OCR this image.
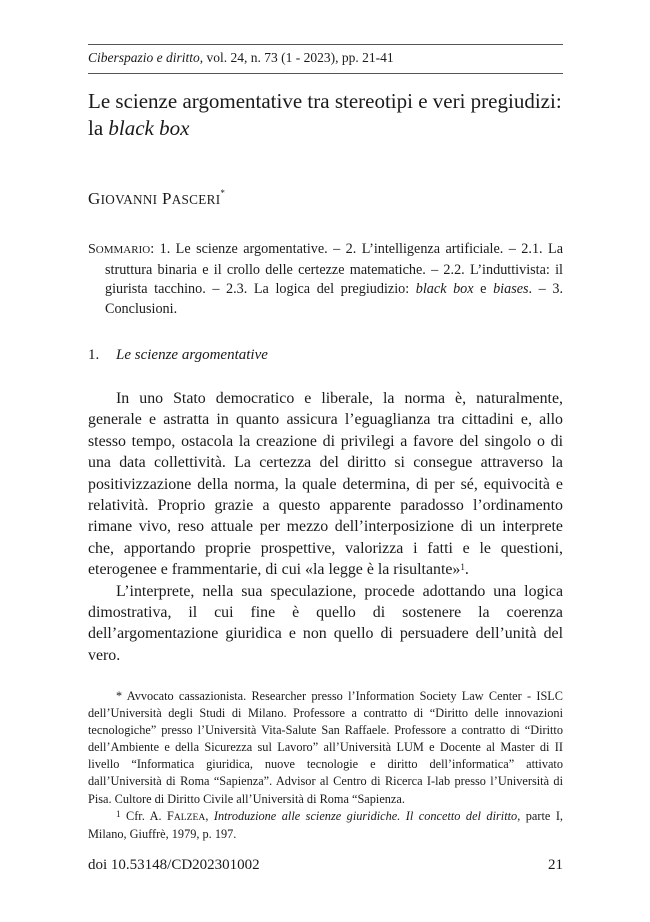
Ciberspazio e diritto, vol. 24, n. 73 (1 - 2023), pp. 21-41
Le scienze argomentative tra stereotipi e veri pregiudizi:
la black box
GIOVANNI PASCERI*
SOMMARIO: 1. Le scienze argomentative. – 2. L’intelligenza artificiale. – 2.1. La struttura binaria e il crollo delle certezze matematiche. – 2.2. L’induttivista: il giurista tacchino. – 2.3. La logica del pregiudizio: black box e biases. – 3. Conclusioni.
1. Le scienze argomentative

In uno Stato democratico e liberale, la norma è, naturalmente, generale e astratta in quanto assicura l’eguaglianza tra cittadini e, allo stesso tempo, ostacola la creazione di privilegi a favore del singolo o di una data collettività. La certezza del diritto si consegue attraverso la positivizzazione della norma, la quale determina, di per sé, equivocità e relatività. Proprio grazie a questo apparente paradosso l’ordinamento rimane vivo, reso attuale per mezzo dell’interposizione di un interprete che, apportando proprie prospettive, valorizza i fatti e le questioni, eterogenee e frammentarie, di cui «la legge è la risultante»$^1$.

L’interprete, nella sua speculazione, procede adottando una logica dimostrativa, il cui fine è quello di sostenere la coerenza dell’argomentazione giuridica e non quello di persuadere dell’unità del vero.

* Avvocato cassazionista. Researcher presso l’Information Society Law Center - ISLC dell’Università degli Studi di Milano. Professore a contratto di “Diritto delle innovazioni tecnologiche” presso l’Università Vita-Salute San Raffaele. Professore a contratto di “Diritto dell’Ambiente e della Sicurezza sul Lavoro” all’Università LUM e Docente al Master di II livello “Informatica giuridica, nuove tecnologie e diritto dell’informatica” attivato dall’Università di Roma “Sapienza”. Advisor al Centro di Ricerca I-lab presso l’Università di Pisa. Cultore di Diritto Civile all’Università di Roma “Sapienza.

$^1$ Cfr. A. FALZEA, Introduzione alle scienze giuridiche. Il concetto del diritto, parte I, Milano, Giuffrè, 1979, p. 197.

doi 10.53148/CD202301002	21
